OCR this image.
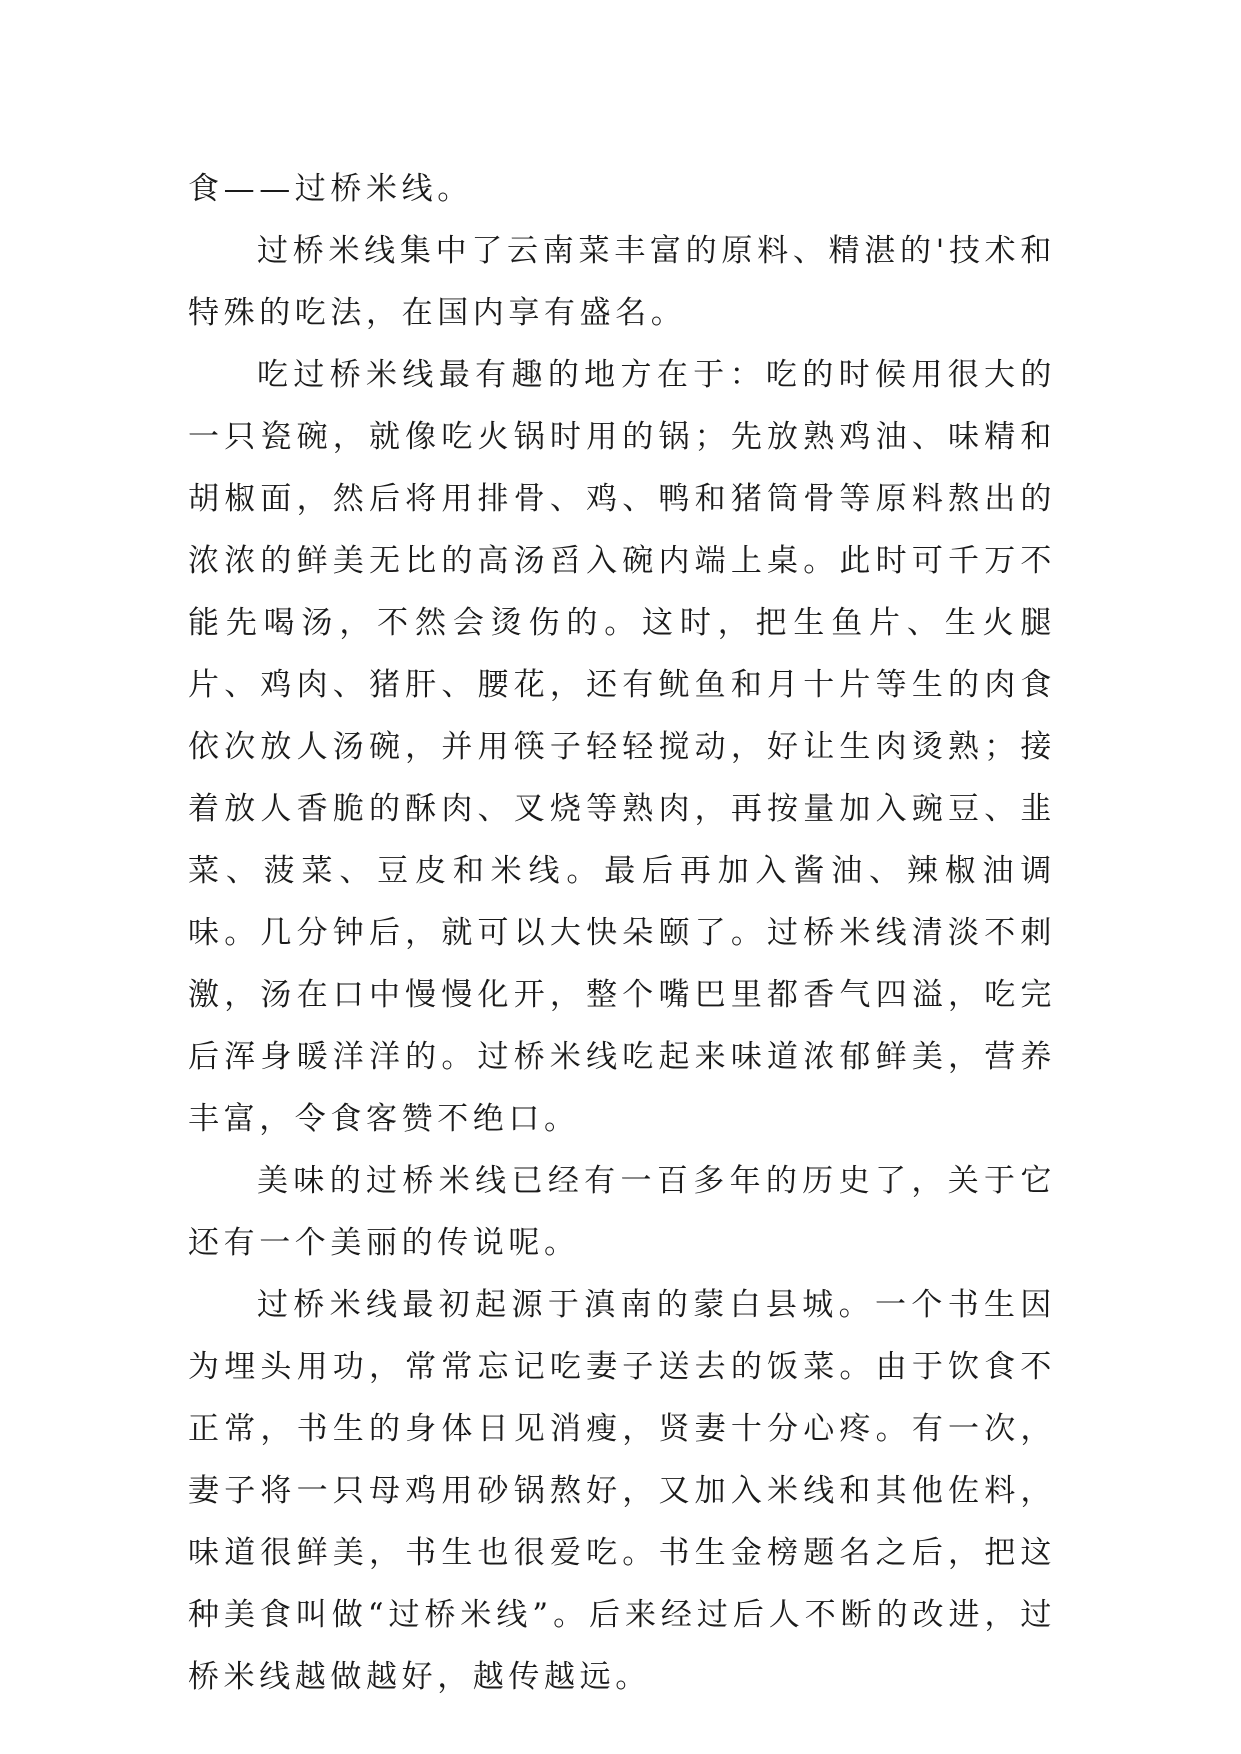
食——过桥米线。

过桥米线集中了云南菜丰富的原料、精湛的'技术和特殊的吃法，在国内享有盛名。

吃过桥米线最有趣的地方在于：吃的时候用很大的一只瓷碗，就像吃火锅时用的锅；先放熟鸡油、味精和胡椒面，然后将用排骨、鸡、鸭和猪筒骨等原料熬出的浓浓的鲜美无比的高汤舀入碗内端上桌。此时可千万不能先喝汤，不然会烫伤的。这时，把生鱼片、生火腿片、鸡肉、猪肝、腰花，还有鱿鱼和月十片等生的肉食依次放人汤碗，并用筷子轻轻搅动，好让生肉烫熟；接着放人香脆的酥肉、叉烧等熟肉，再按量加入豌豆、韭菜、菠菜、豆皮和米线。最后再加入酱油、辣椒油调味。几分钟后，就可以大快朵颐了。过桥米线清淡不刺激，汤在口中慢慢化开，整个嘴巴里都香气四溢，吃完后浑身暖洋洋的。过桥米线吃起来味道浓郁鲜美，营养丰富，令食客赞不绝口。

美味的过桥米线已经有一百多年的历史了，关于它还有一个美丽的传说呢。

过桥米线最初起源于滇南的蒙白县城。一个书生因为埋头用功，常常忘记吃妻子送去的饭菜。由于饮食不正常，书生的身体日见消瘦，贤妻十分心疼。有一次，妻子将一只母鸡用砂锅熬好，又加入米线和其他佐料，味道很鲜美，书生也很爱吃。书生金榜题名之后，把这种美食叫做“过桥米线”。后来经过后人不断的改进，过桥米线越做越好，越传越远。
